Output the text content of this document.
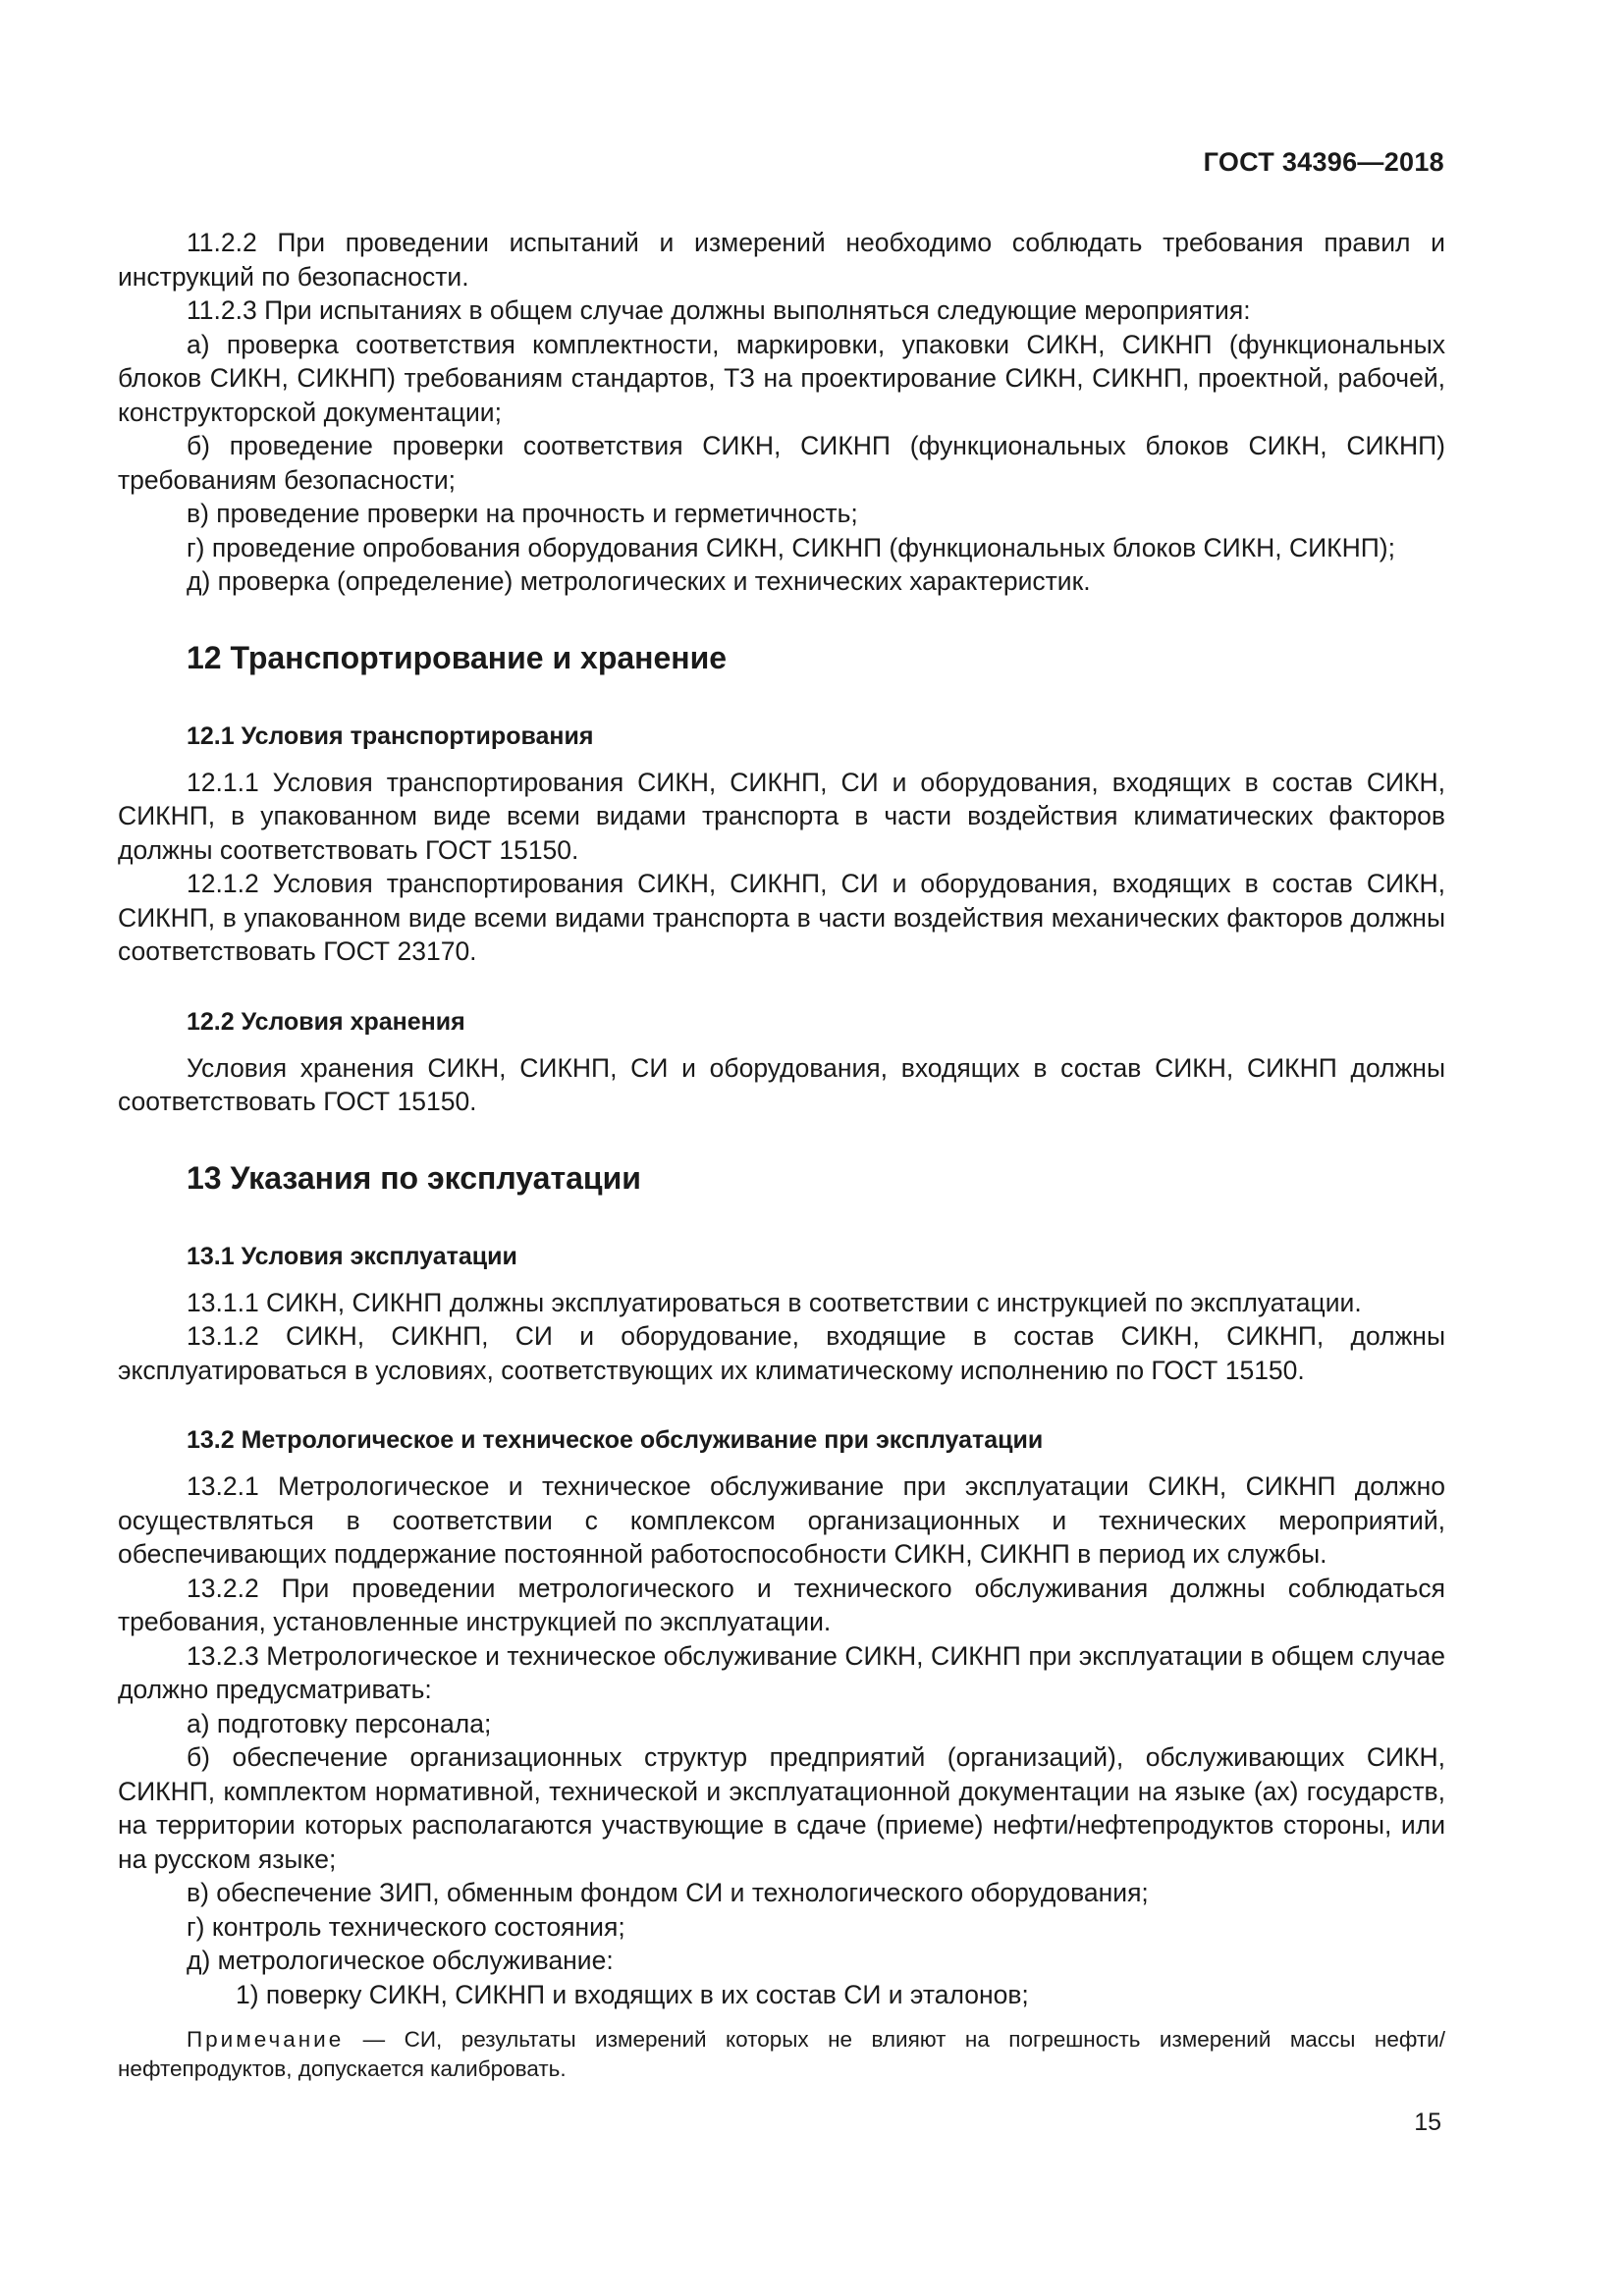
ГОСТ 34396—2018

11.2.2 При проведении испытаний и измерений необходимо соблюдать требования правил и инструкций по безопасности.

11.2.3 При испытаниях в общем случае должны выполняться следующие мероприятия:

а) проверка соответствия комплектности, маркировки, упаковки СИКН, СИКНП (функциональных блоков СИКН, СИКНП) требованиям стандартов, ТЗ на проектирование СИКН, СИКНП, проектной, рабочей, конструкторской документации;

б) проведение проверки соответствия СИКН, СИКНП (функциональных блоков СИКН, СИКНП) требованиям безопасности;

в) проведение проверки на прочность и герметичность;

г) проведение опробования оборудования СИКН, СИКНП (функциональных блоков СИКН, СИКНП);

д) проверка (определение) метрологических и технических характеристик.

12 Транспортирование и хранение
12.1 Условия транспортирования

12.1.1 Условия транспортирования СИКН, СИКНП, СИ и оборудования, входящих в состав СИКН, СИКНП, в упакованном виде всеми видами транспорта в части воздействия климатических факторов должны соответствовать ГОСТ 15150.

12.1.2 Условия транспортирования СИКН, СИКНП, СИ и оборудования, входящих в состав СИКН, СИКНП, в упакованном виде всеми видами транспорта в части воздействия механических факторов должны соответствовать ГОСТ 23170.

12.2 Условия хранения

Условия хранения СИКН, СИКНП, СИ и оборудования, входящих в состав СИКН, СИКНП должны соответствовать ГОСТ 15150.

13 Указания по эксплуатации
13.1 Условия эксплуатации

13.1.1 СИКН, СИКНП должны эксплуатироваться в соответствии с инструкцией по эксплуатации.

13.1.2 СИКН, СИКНП, СИ и оборудование, входящие в состав СИКН, СИКНП, должны эксплуатироваться в условиях, соответствующих их климатическому исполнению по ГОСТ 15150.

13.2 Метрологическое и техническое обслуживание при эксплуатации

13.2.1 Метрологическое и техническое обслуживание при эксплуатации СИКН, СИКНП должно осуществляться в соответствии с комплексом организационных и технических мероприятий, обеспечивающих поддержание постоянной работоспособности СИКН, СИКНП в период их службы.

13.2.2 При проведении метрологического и технического обслуживания должны соблюдаться требования, установленные инструкцией по эксплуатации.

13.2.3 Метрологическое и техническое обслуживание СИКН, СИКНП при эксплуатации в общем случае должно предусматривать:

а) подготовку персонала;

б) обеспечение организационных структур предприятий (организаций), обслуживающих СИКН, СИКНП, комплектом нормативной, технической и эксплуатационной документации на языке (ах) государств, на территории которых располагаются участвующие в сдаче (приеме) нефти/нефтепродуктов стороны, или на русском языке;

в) обеспечение ЗИП, обменным фондом СИ и технологического оборудования;

г) контроль технического состояния;

д) метрологическое обслуживание:

1) поверку СИКН, СИКНП и входящих в их состав СИ и эталонов;

Примечание — СИ, результаты измерений которых не влияют на погрешность измерений массы нефти/нефтепродуктов, допускается калибровать.

15
